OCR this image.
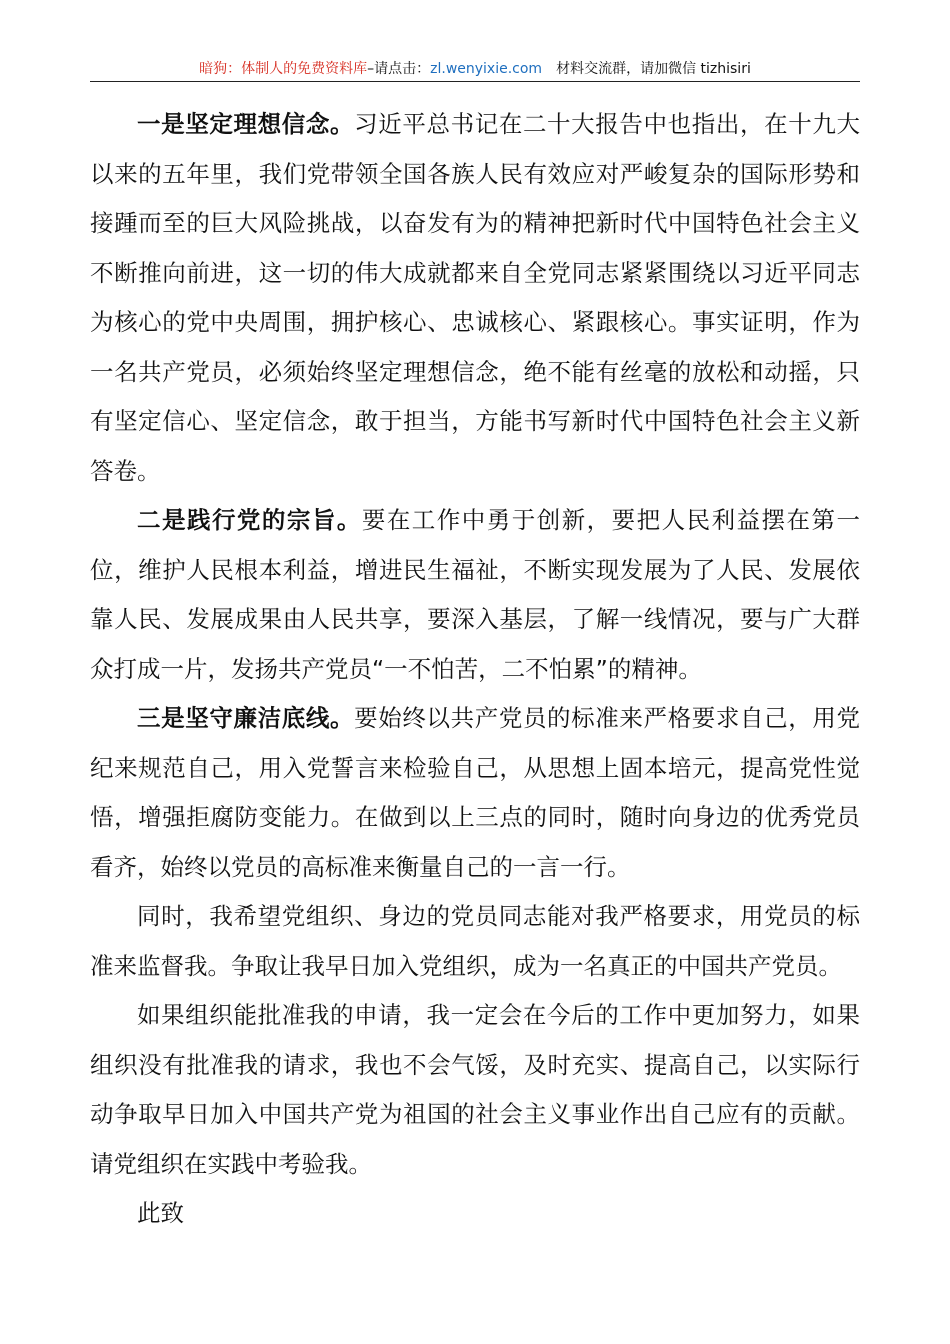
暗狗：体制人的免费资料库–请点击：zl.wenyixie.com 材料交流群，请加微信 tizhisiri

一是坚定理想信念。习近平总书记在二十大报告中也指出，在十九大以来的五年里，我们党带领全国各族人民有效应对严峻复杂的国际形势和接踵而至的巨大风险挑战，以奋发有为的精神把新时代中国特色社会主义不断推向前进，这一切的伟大成就都来自全党同志紧紧围绕以习近平同志为核心的党中央周围，拥护核心、忠诚核心、紧跟核心。事实证明，作为一名共产党员，必须始终坚定理想信念，绝不能有丝毫的放松和动摇，只有坚定信心、坚定信念，敢于担当，方能书写新时代中国特色社会主义新答卷。

二是践行党的宗旨。要在工作中勇于创新，要把人民利益摆在第一位，维护人民根本利益，增进民生福祉，不断实现发展为了人民、发展依靠人民、发展成果由人民共享，要深入基层，了解一线情况，要与广大群众打成一片，发扬共产党员“一不怕苦，二不怕累”的精神。

三是坚守廉洁底线。要始终以共产党员的标准来严格要求自己，用党纪来规范自己，用入党誓言来检验自己，从思想上固本培元，提高党性觉悟，增强拒腐防变能力。在做到以上三点的同时，随时向身边的优秀党员看齐，始终以党员的高标准来衡量自己的一言一行。

同时，我希望党组织、身边的党员同志能对我严格要求，用党员的标准来监督我。争取让我早日加入党组织，成为一名真正的中国共产党员。

如果组织能批准我的申请，我一定会在今后的工作中更加努力，如果组织没有批准我的请求，我也不会气馁，及时充实、提高自己，以实际行动争取早日加入中国共产党为祖国的社会主义事业作出自己应有的贡献。请党组织在实践中考验我。

此致
